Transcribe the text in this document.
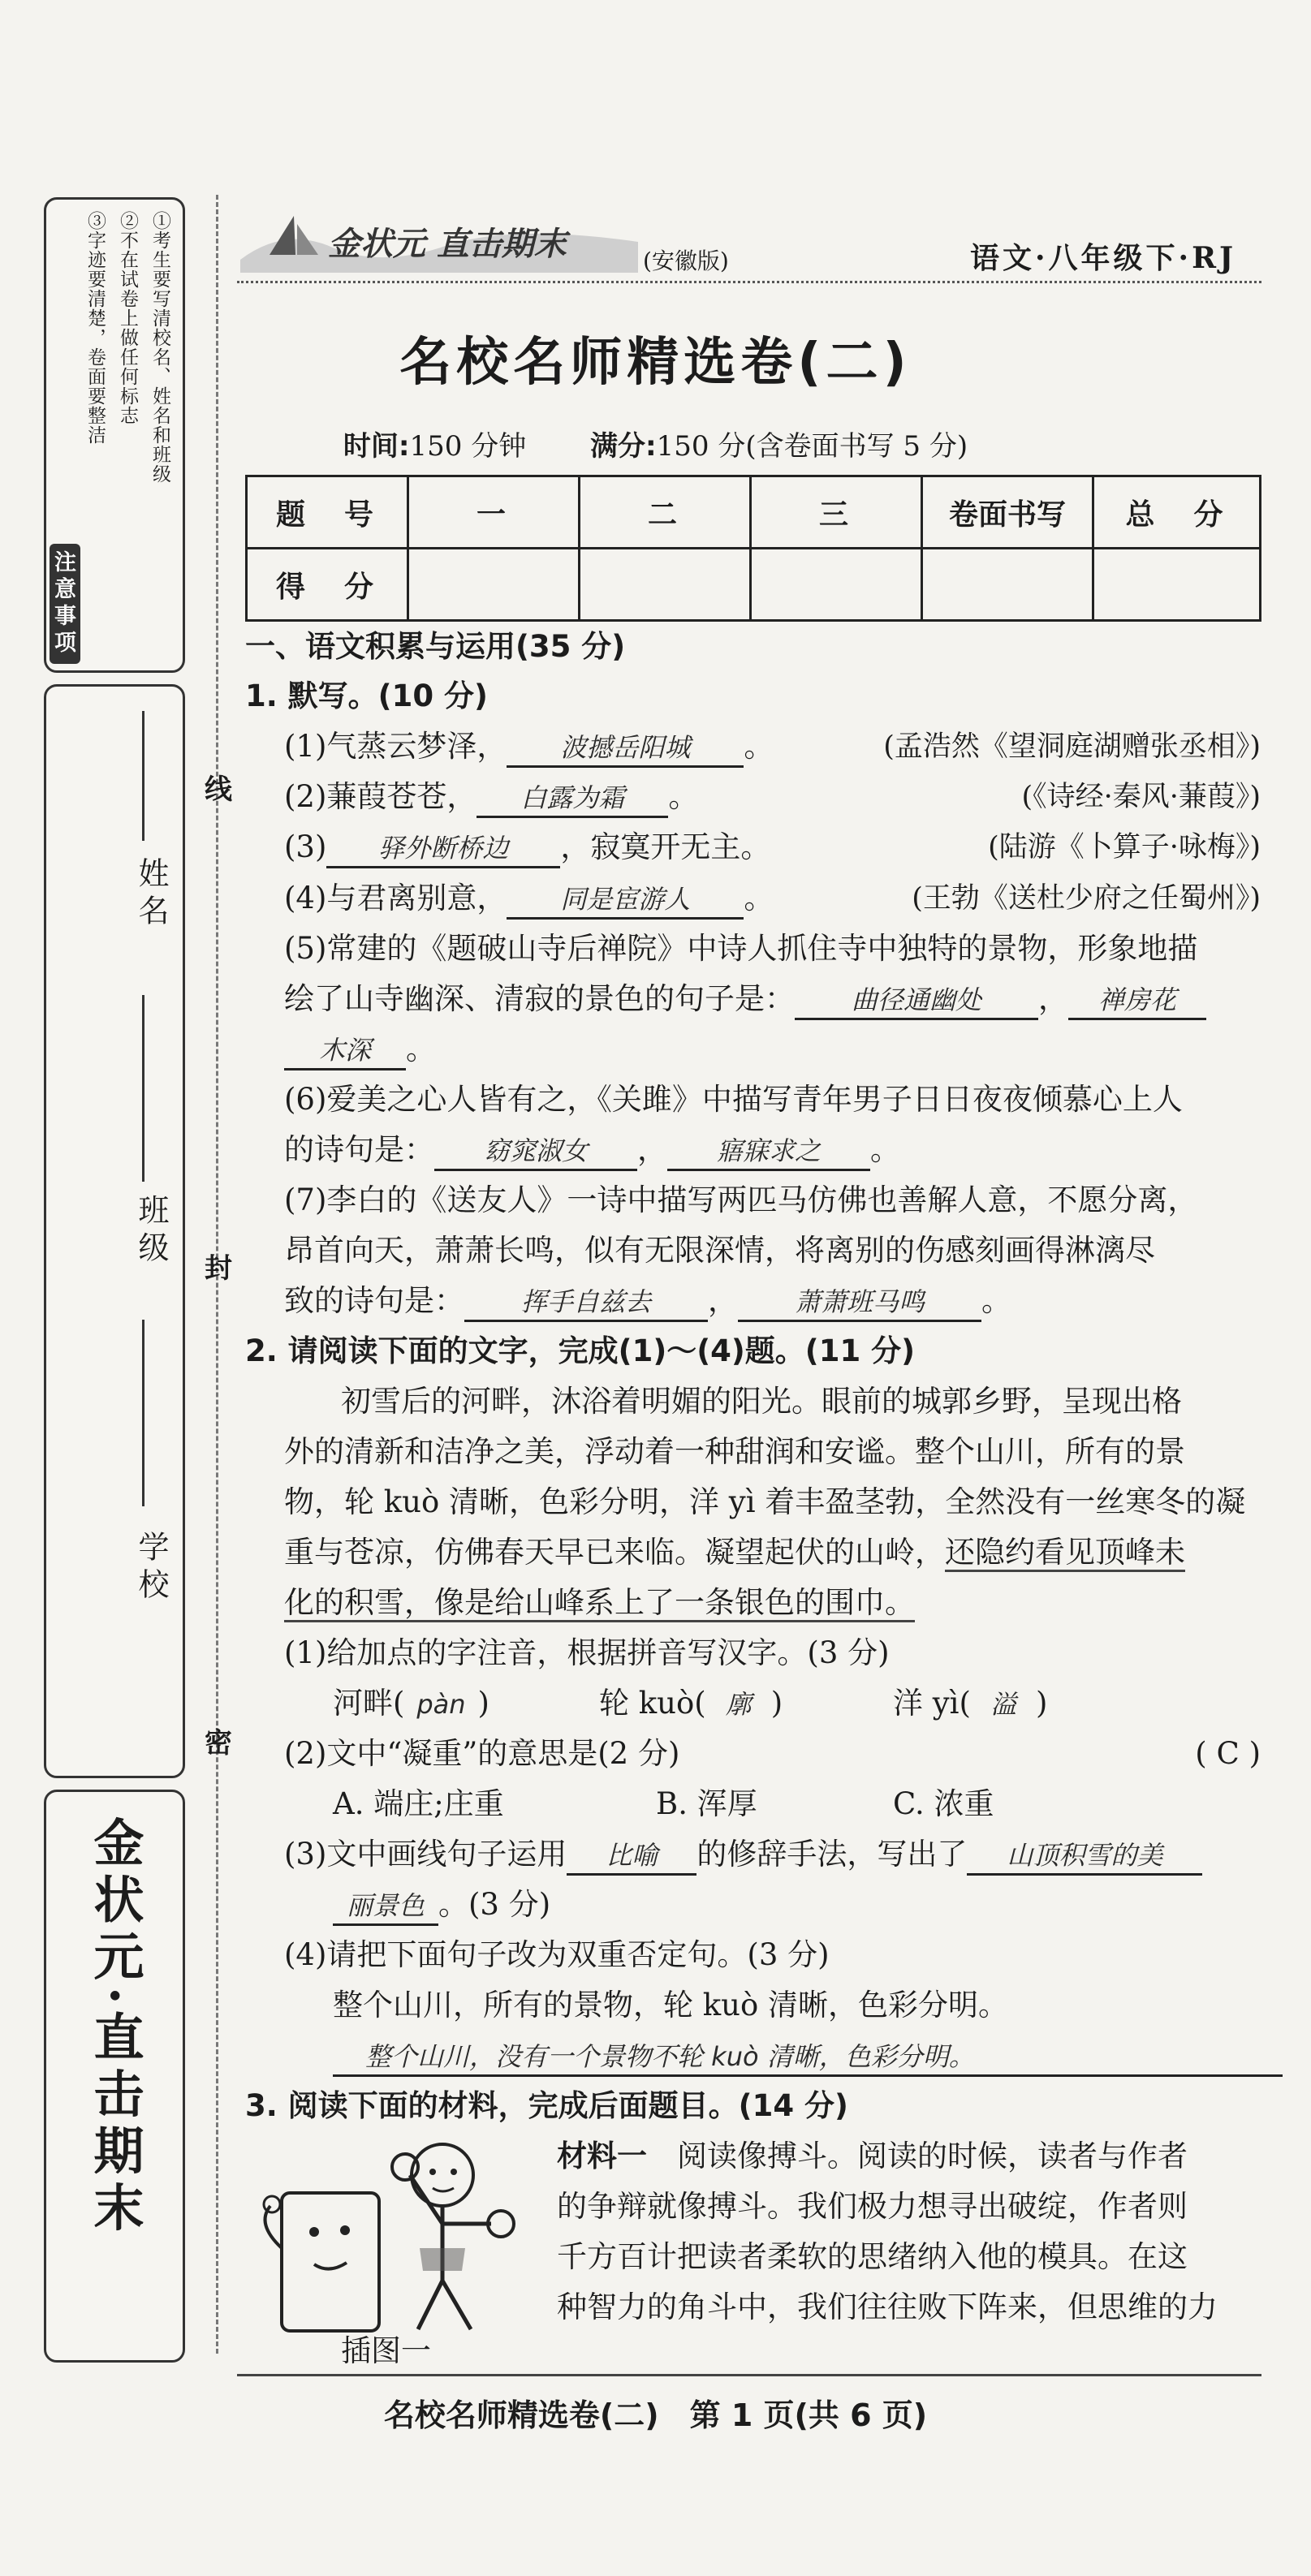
①考生要写清校名、姓名和班级
②不在试卷上做任何标志
③字迹要清楚，卷面要整洁
注意事项
学校
班级
姓名
金状元·直击期末
线
封
密
金状元 直击期末	(安徽版)	语文·八年级下·RJ
名校名师精选卷(二)
时间:150 分钟 　　 满分:150 分(含卷面书写 5 分)
题　号	一	二	三	卷面书写	总　分
得　分					
一、语文积累与运用(35 分)
1. 默写。(10 分)
(1)气蒸云梦泽， 波撼岳阳城 。	(孟浩然《望洞庭湖赠张丞相》)
(2)蒹葭苍苍， 白露为霜 。	(《诗经·秦风·蒹葭》)
(3) 驿外断桥边 ，寂寞开无主。	(陆游《卜算子·咏梅》)
(4)与君离别意， 同是宦游人 。	(王勃《送杜少府之任蜀州》)
(5)常建的《题破山寺后禅院》中诗人抓住寺中独特的景物，形象地描
绘了山寺幽深、清寂的景色的句子是： 曲径通幽处 ， 禅房花
木深 。
(6)爱美之心人皆有之，《关雎》中描写青年男子日日夜夜倾慕心上人
的诗句是： 窈窕淑女 ， 寤寐求之 。
(7)李白的《送友人》一诗中描写两匹马仿佛也善解人意，不愿分离，
昂首向天，萧萧长鸣，似有无限深情，将离别的伤感刻画得淋漓尽
致的诗句是： 挥手自兹去 ， 萧萧班马鸣 。
2. 请阅读下面的文字，完成(1)～(4)题。(11 分)
初雪后的河畔，沐浴着明媚的阳光。眼前的城郭乡野，呈现出格
外的清新和洁净之美，浮动着一种甜润和安谧。整个山川，所有的景
物，轮 kuò 清晰，色彩分明，洋 yì 着丰盈茎勃，全然没有一丝寒冬的凝
重与苍凉，仿佛春天早已来临。凝望起伏的山岭，还隐约看见顶峰未
化的积雪，像是给山峰系上了一条银色的围巾。
(1)给加点的字注音，根据拼音写汉字。(3 分)
河畔( pàn )	轮 kuò( 廓 )	洋 yì( 溢 )
(2)文中“凝重”的意思是(2 分)	( C )
A. 端庄;庄重	B. 浑厚	C. 浓重
(3)文中画线句子运用 比喻 的修辞手法，写出了 山顶积雪的美
丽景色 。(3 分)
(4)请把下面句子改为双重否定句。(3 分)
整个山川，所有的景物，轮 kuò 清晰，色彩分明。
整个山川，没有一个景物不轮 kuò 清晰，色彩分明。
3. 阅读下面的材料，完成后面题目。(14 分)
插图一
材料一　阅读像搏斗。阅读的时候，读者与作者
的争辩就像搏斗。我们极力想寻出破绽，作者则
千方百计把读者柔软的思绪纳入他的模具。在这
种智力的角斗中，我们往往败下阵来，但思维的力
名校名师精选卷(二)　第 1 页(共 6 页)
